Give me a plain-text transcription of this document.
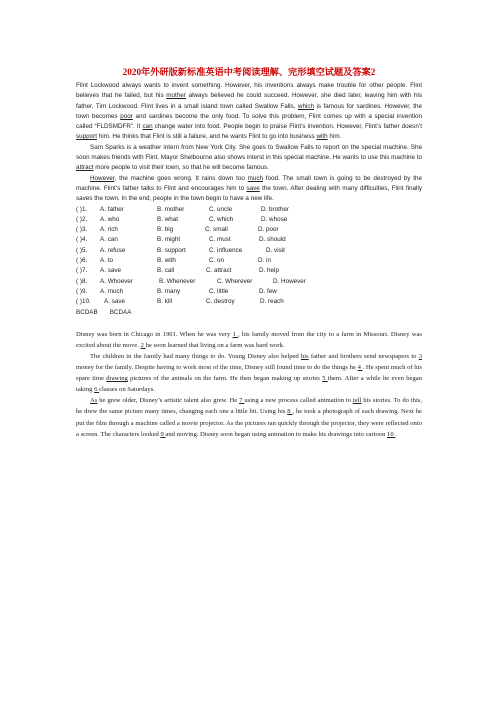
2020年外研版新标准英语中考阅读理解、完形填空试题及答案2

Flint Lockwood always wants to invent something. However, his inventions always make trouble for other people. Flint believes that he failed, but his mother always believed he could succeed. However, she died later, leaving him with his father, Tim Lockwood. Flint lives in a small island town called Swallow Falls, which is famous for sardines. However, the town becomes poor and sardines become the only food. To solve this problem, Flint comes up with a special invention called “FLDSMDFR”. It can change water into food. People begin to praise Flint’s invention. However, Flint’s father doesn’t support him. He thinks that Flint is still a failure, and he wants Flint to go into business with him.

Sam Sparks is a weather intern from New York City. She goes to Swallow Falls to report on the special machine. She soon makes friends with Flint. Mayor Shelbourne also shows interst in this special machine. He wants to use this machine to attract more people to visit their town, so that he will become famous.

However, the machine goes wrong. It rains down too much food. The small town is going to be destroyed by the machine. Flint’s father talks to Flint and encourages him to save the town. After dealing with many difficulties, Flint finally saves the town. In the end, people in the town begin to have a new life.

( )1. A. father	B. mother	C. uncle	D. brother
( )2. A. who	B. what	C. which	D. whose
( )3. A. rich	B. big	C. small	D. poor
( )4. A. can	B. might	C. must	D. should
( )5. A. refuse	B. support	C. influence	D. visit
( )6. A. to	B. with	C. on	D. in
( )7. A. save	B. call	C. attract	D. help
( )8. A. Whoever	B. Whenever	C. Wherever	D. However
( )9. A. much	B. many	C. little	D. few
( )10. A. save	B. kill	C. destroy	D. reach
BCDAB BCDAA

Disney was born in Chicago in 1901. When he was very 1 , his family moved from the city to a farm in Missouri. Disney was excited about the move. 2 he soon learned that living on a farm was hard work.

The children in the family had many things to do. Young Disney also helped his father and brothers send newspapers to 3 money for the family. Despite having to work most of the time, Disney still found time to do the things he 4 . He spent much of his spare time drawing pictures of the animals on the farm. He then began making up stories 5 them. After a while he even began taking 6 classes on Saturdays.

As he grew older, Disney’s artistic talent also grew. He 7 using a new process called animation to tell his stories. To do this, he drew the same picture many times, changing each one a little bit. Using his 8 , he took a photograph of each drawing. Next he put the film through a machine called a movie projector. As the pictures ran quickly through the projector, they were reflected onto a screen. The characters looked 9 and moving. Disney soon began using animation to make his drawings into cartoon 10 .
